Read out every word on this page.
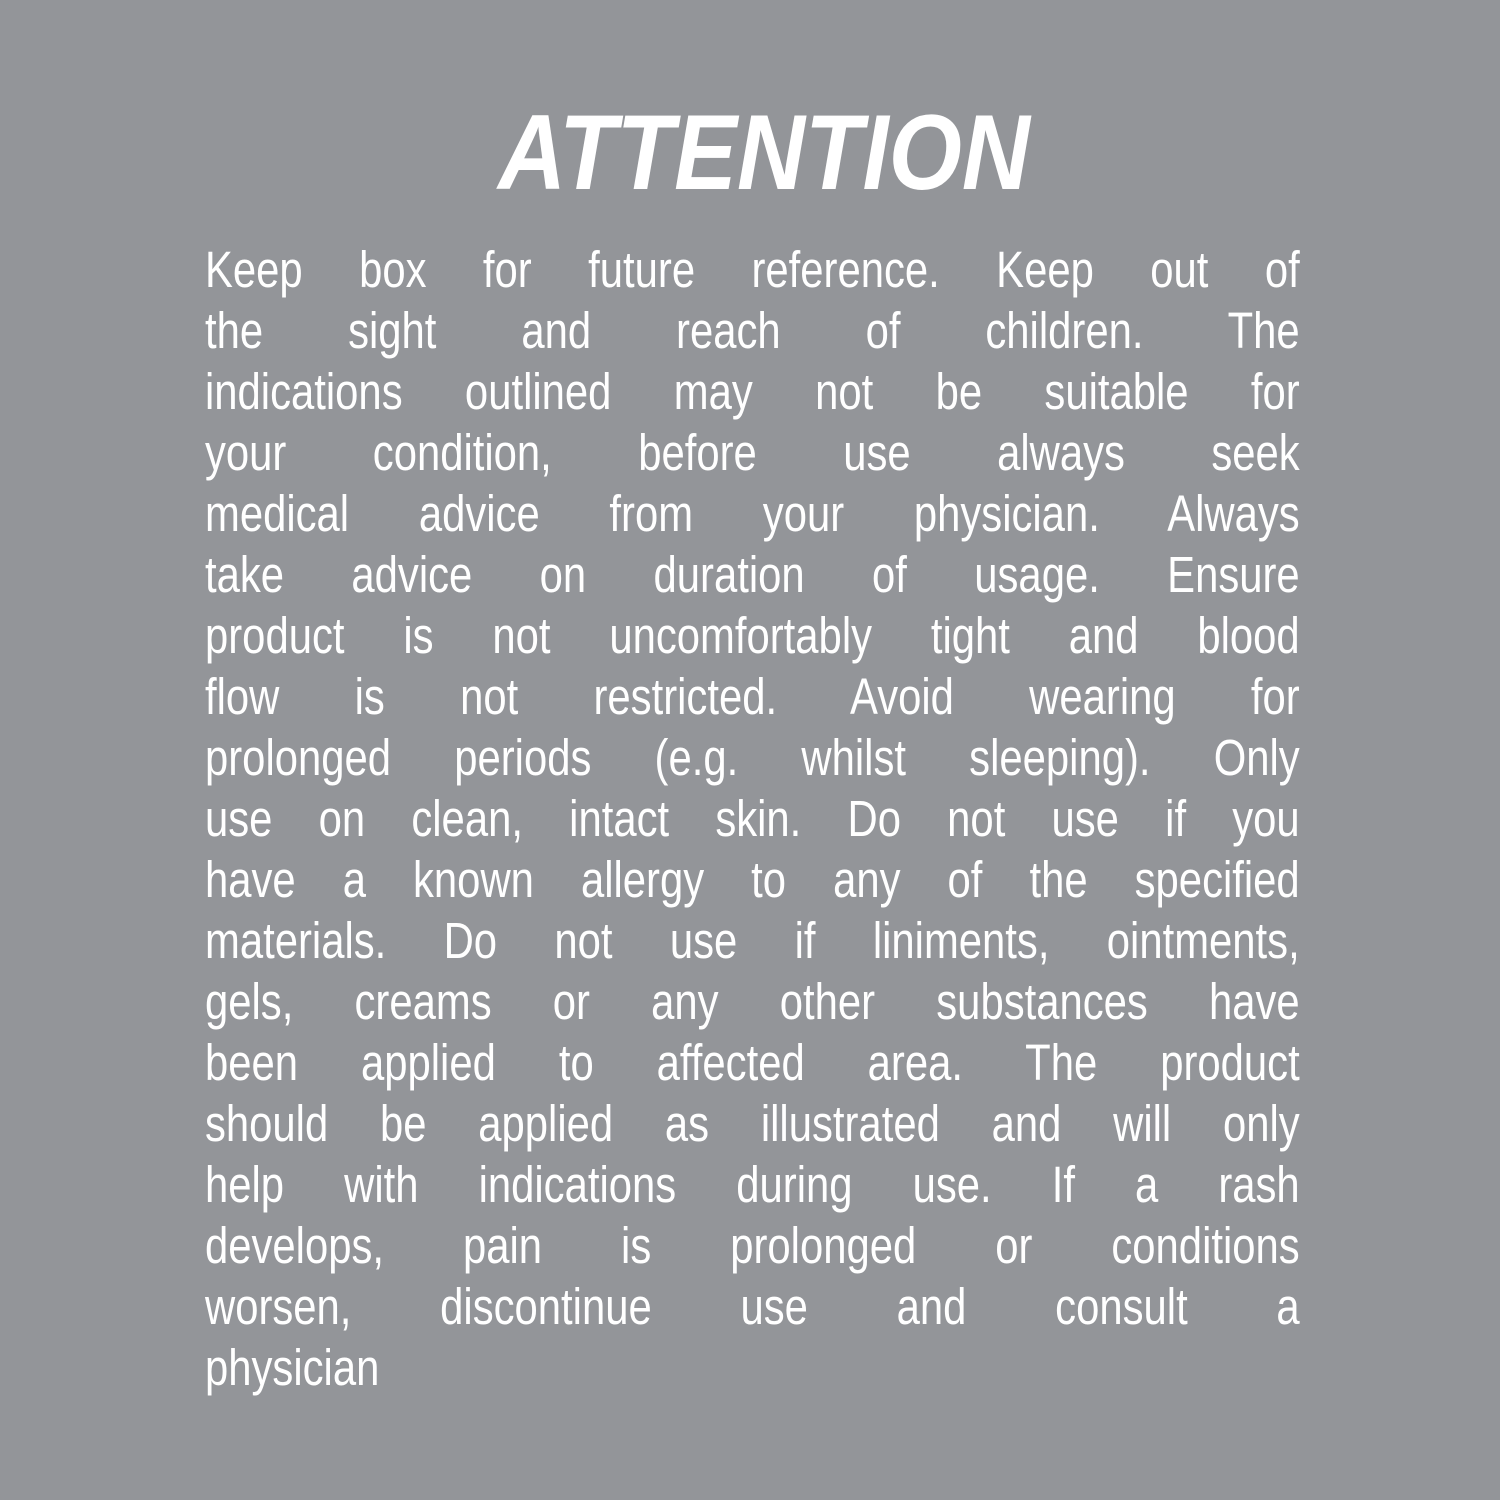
ATTENTION
Keep box for future reference. Keep out of
the sight and reach of children. The
indications outlined may not be suitable for
your condition, before use always seek
medical advice from your physician. Always
take advice on duration of usage. Ensure
product is not uncomfortably tight and blood
flow is not restricted. Avoid wearing for
prolonged periods (e.g. whilst sleeping). Only
use on clean, intact skin. Do not use if you
have a known allergy to any of the specified
materials. Do not use if liniments, ointments,
gels, creams or any other substances have
been applied to affected area. The product
should be applied as illustrated and will only
help with indications during use. If a rash
develops, pain is prolonged or conditions
worsen, discontinue use and consult a
physician
